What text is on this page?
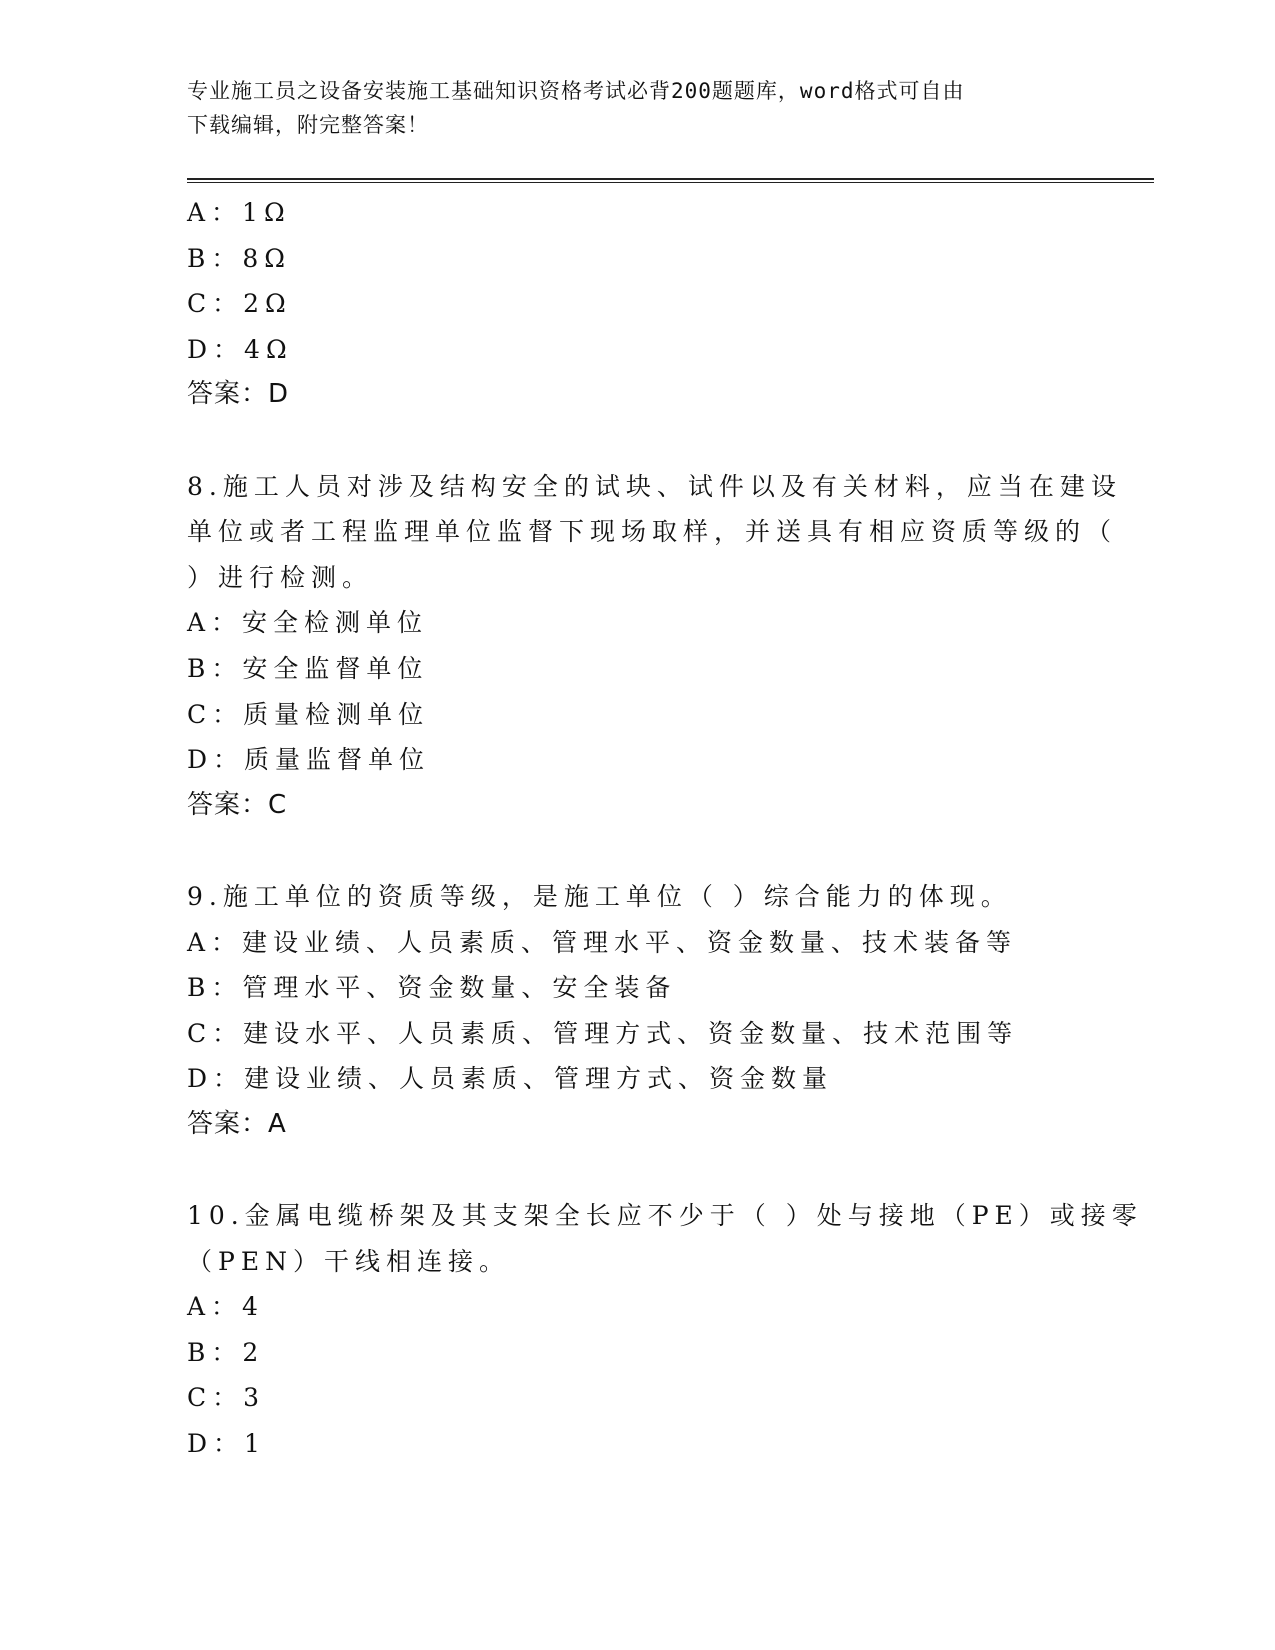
专业施工员之设备安装施工基础知识资格考试必背200题题库，word格式可自由
下载编辑，附完整答案！
A：1Ω
B：8Ω
C：2Ω
D：4Ω
答案：D
8.施工人员对涉及结构安全的试块、试件以及有关材料，应当在建设
单位或者工程监理单位监督下现场取样，并送具有相应资质等级的（
）进行检测。
A：安全检测单位
B：安全监督单位
C：质量检测单位
D：质量监督单位
答案：C
9.施工单位的资质等级，是施工单位（ ）综合能力的体现。
A：建设业绩、人员素质、管理水平、资金数量、技术装备等
B：管理水平、资金数量、安全装备
C：建设水平、人员素质、管理方式、资金数量、技术范围等
D：建设业绩、人员素质、管理方式、资金数量
答案：A
10.金属电缆桥架及其支架全长应不少于（ ）处与接地（PE）或接零
（PEN）干线相连接。
A：4
B：2
C：3
D：1
